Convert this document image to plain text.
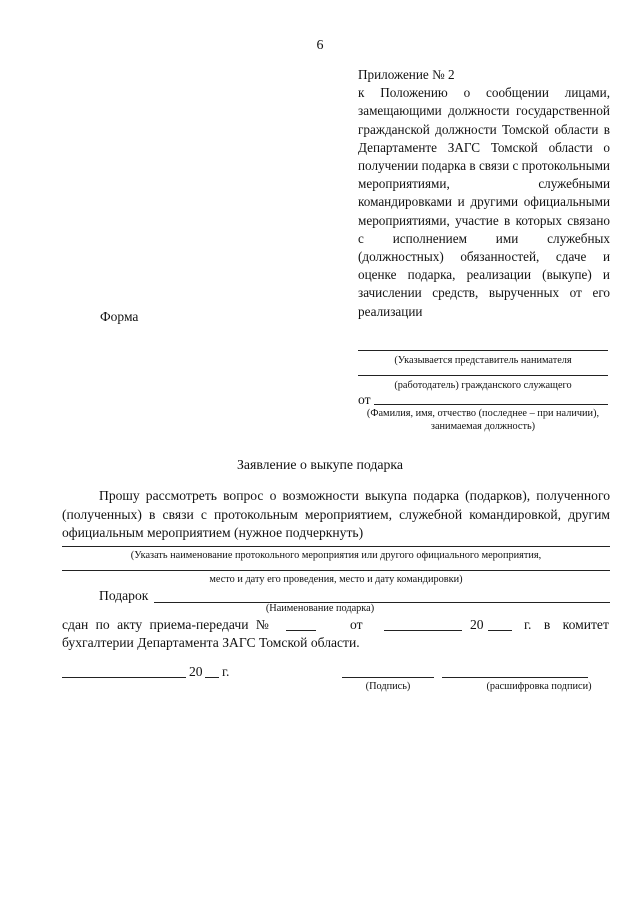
6
Приложение № 2
к Положению о сообщении лицами, замещающими должности государственной гражданской должности Томской области в Департаменте ЗАГС Томской области о получении подарка в связи с протокольными мероприятиями, служебными командировками и другими официальными мероприятиями, участие в которых связано с исполнением ими служебных (должностных) обязанностей, сдаче и оценке подарка, реализации (выкупе) и зачислении средств, вырученных от его реализации
Форма
(Указывается представитель нанимателя
(работодатель) гражданского служащего
от
(Фамилия, имя, отчество (последнее – при наличии),
занимаемая должность)
Заявление о выкупе подарка
Прошу рассмотреть вопрос о возможности выкупа подарка (подарков), полученного (полученных) в связи с протокольным мероприятием, служебной командировкой, другим официальным мероприятием (нужное подчеркнуть)
(Указать наименование протокольного мероприятия или другого официального мероприятия,
место и дату его проведения, место и дату командировки)
Подарок
(Наименование подарка)
сдан по акту приема-передачи №	от	20	г. в комитет
бухгалтерии Департамента ЗАГС Томской области.
20 г.
(Подпись)	(расшифровка подписи)
